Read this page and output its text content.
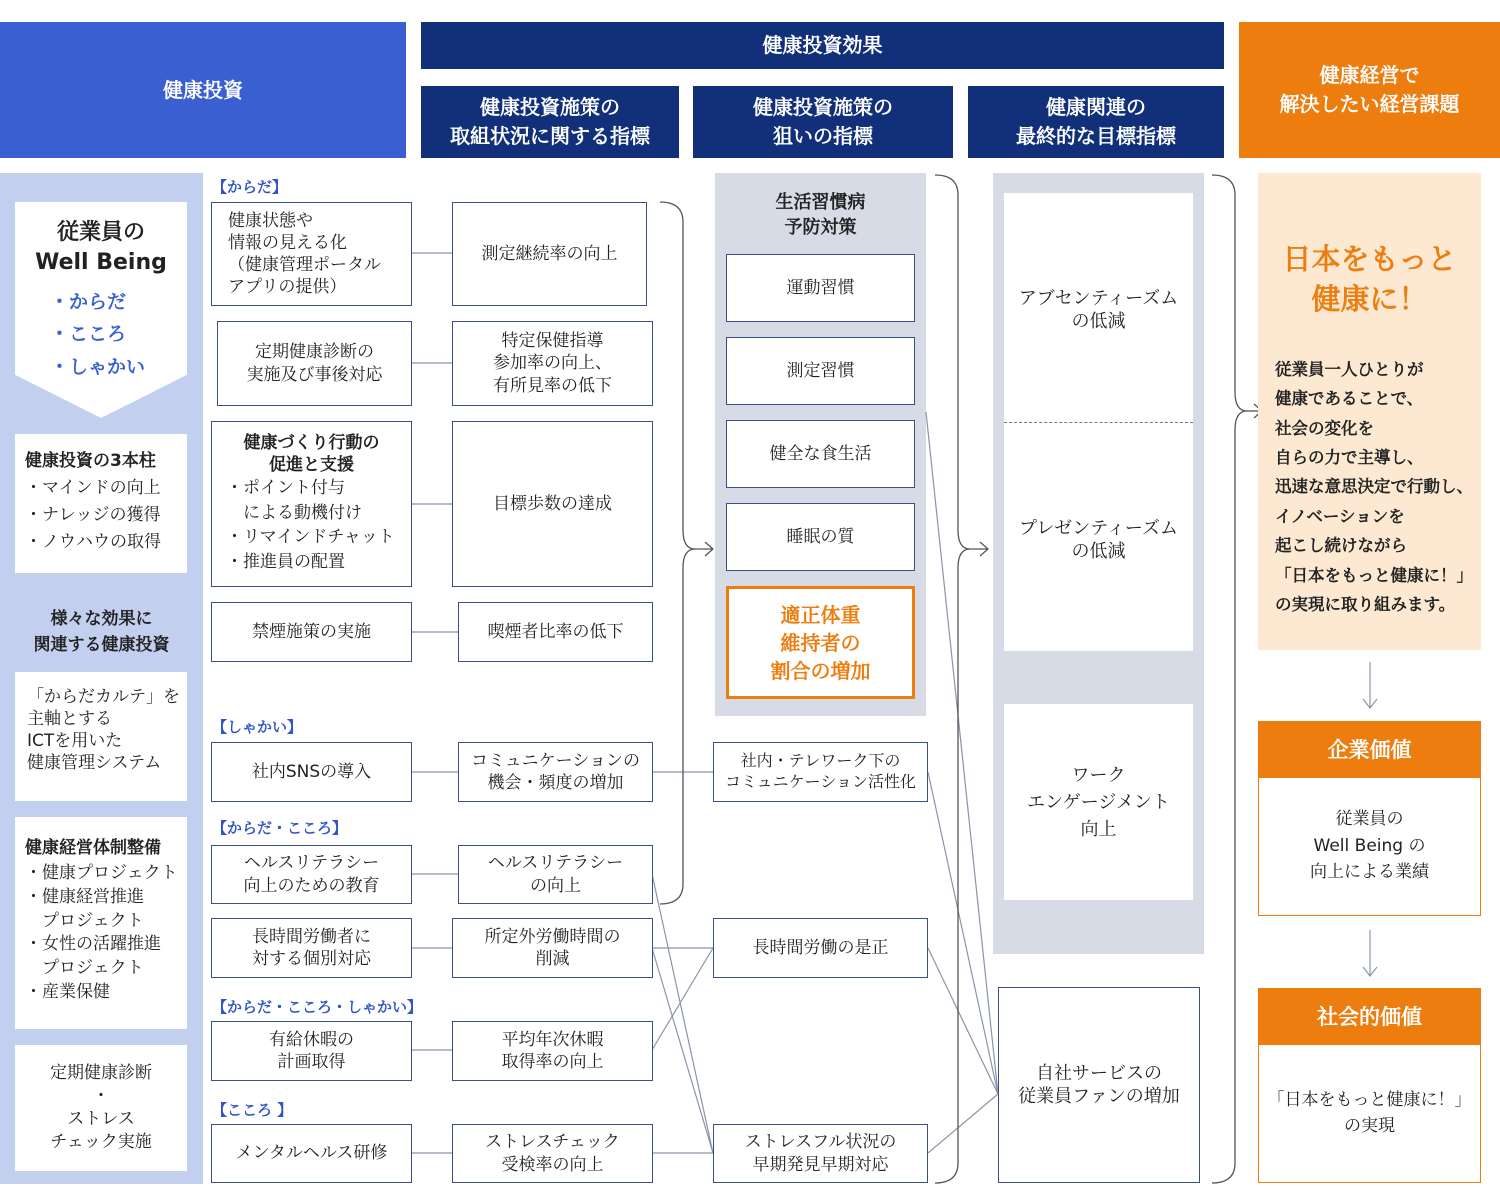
健康投資
健康投資効果
健康投資施策の
取組状況に関する指標
健康投資施策の
狙いの指標
健康関連の
最終的な目標指標
健康経営で
解決したい経営課題
従業員の
Well Being
・からだ
・こころ
・しゃかい
健康投資の3本柱
・マインドの向上
・ナレッジの獲得
・ノウハウの取得
様々な効果に
関連する健康投資
「からだカルテ」を
主軸とする
ICTを用いた
健康管理システム
健康経営体制整備
・健康プロジェクト
・健康経営推進
　プロジェクト
・女性の活躍推進
　プロジェクト
・産業保健
定期健康診断
・
ストレス
チェック実施
【からだ】
【しゃかい】
【からだ・こころ】
【からだ・こころ・しゃかい】
【こころ 】
健康状態や
情報の見える化
（健康管理ポータル
アプリの提供）
定期健康診断の
実施及び事後対応
健康づくり行動の
促進と支援
・ポイント付与
　による動機付け
・リマインドチャット
・推進員の配置
禁煙施策の実施
社内SNSの導入
ヘルスリテラシー
向上のための教育
長時間労働者に
対する個別対応
有給休暇の
計画取得
メンタルヘルス研修
測定継続率の向上
特定保健指導
参加率の向上、
有所見率の低下
目標歩数の達成
喫煙者比率の低下
コミュニケーションの
機会・頻度の増加
ヘルスリテラシー
の向上
所定外労働時間の
削減
平均年次休暇
取得率の向上
ストレスチェック
受検率の向上
生活習慣病
予防対策
運動習慣
測定習慣
健全な食生活
睡眠の質
適正体重
維持者の
割合の増加
社内・テレワーク下の
コミュニケーション活性化
長時間労働の是正
ストレスフル状況の
早期発見早期対応
アブセンティーズム
の低減
プレゼンティーズム
の低減
ワーク
エンゲージメント
向上
自社サービスの
従業員ファンの増加
日本をもっと
健康に！
従業員一人ひとりが
健康であることで、
社会の変化を
自らの力で主導し、
迅速な意思決定で行動し、
イノベーションを
起こし続けながら
「日本をもっと健康に！」
の実現に取り組みます。
企業価値
従業員の
Well Being の
向上による業績
社会的価値
「日本をもっと健康に！」
の実現
